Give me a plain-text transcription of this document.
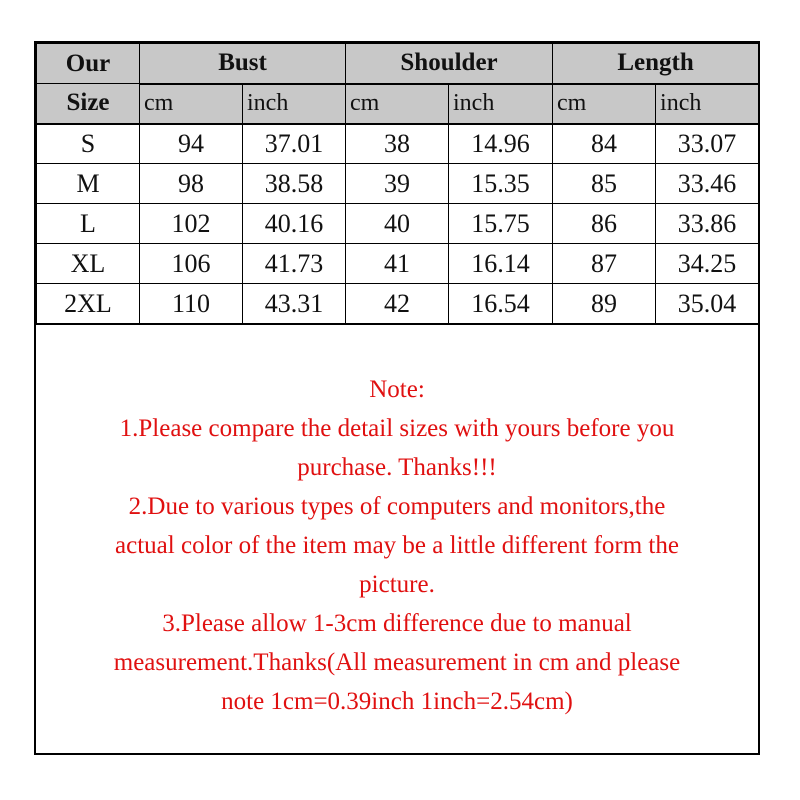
Our	Bust		Shoulder		Length	
Size	cm	inch	cm	inch	cm	inch
S	94	37.01	38	14.96	84	33.07
M	98	38.58	39	15.35	85	33.46
L	102	40.16	40	15.75	86	33.86
XL	106	41.73	41	16.14	87	34.25
2XL	110	43.31	42	16.54	89	35.04
Note:
1.Please compare the detail sizes with yours before you
purchase. Thanks!!!
2.Due to various types of computers and monitors,the
actual color of the item may be a little different form the
picture.
3.Please allow 1-3cm difference due to manual
measurement.Thanks(All measurement in cm and please
note 1cm=0.39inch 1inch=2.54cm)
